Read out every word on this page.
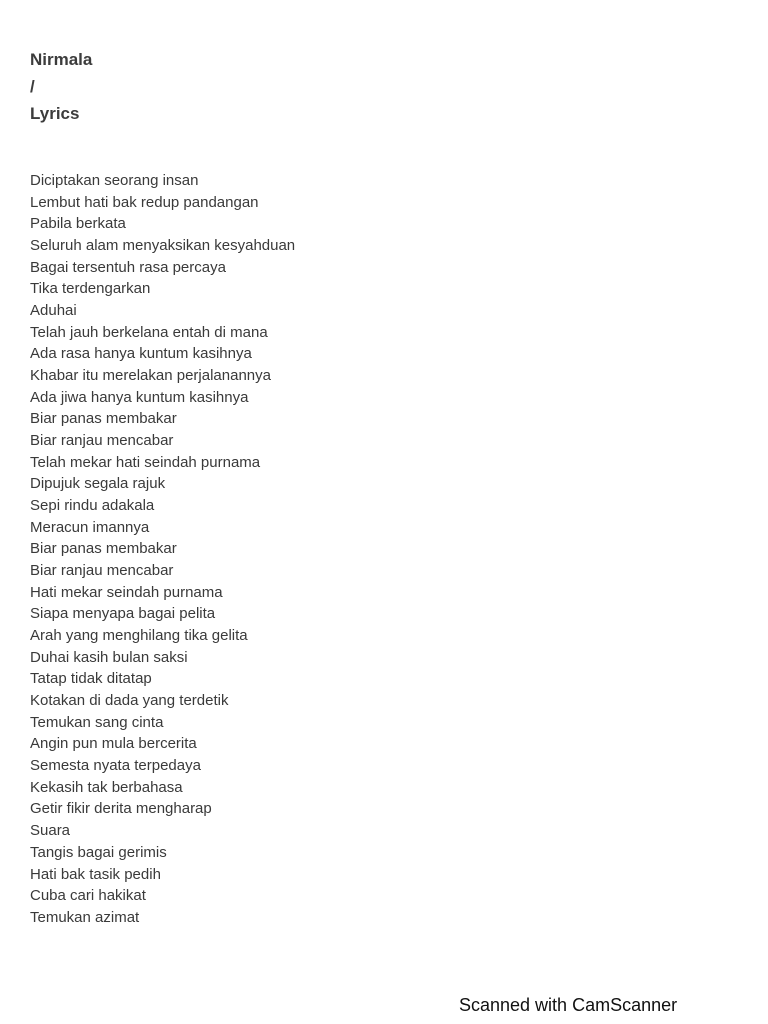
Nirmala
/
Lyrics
Diciptakan seorang insan
Lembut hati bak redup pandangan
Pabila berkata
Seluruh alam menyaksikan kesyahduan
Bagai tersentuh rasa percaya
Tika terdengarkan
Aduhai
Telah jauh berkelana entah di mana
Ada rasa hanya kuntum kasihnya
Khabar itu merelakan perjalanannya
Ada jiwa hanya kuntum kasihnya
Biar panas membakar
Biar ranjau mencabar
Telah mekar hati seindah purnama
Dipujuk segala rajuk
Sepi rindu adakala
Meracun imannya
Biar panas membakar
Biar ranjau mencabar
Hati mekar seindah purnama
Siapa menyapa bagai pelita
Arah yang menghilang tika gelita
Duhai kasih bulan saksi
Tatap tidak ditatap
Kotakan di dada yang terdetik
Temukan sang cinta
Angin pun mula bercerita
Semesta nyata terpedaya
Kekasih tak berbahasa
Getir fikir derita mengharap
Suara
Tangis bagai gerimis
Hati bak tasik pedih
Cuba cari hakikat
Temukan azimat
Scanned with CamScanner
